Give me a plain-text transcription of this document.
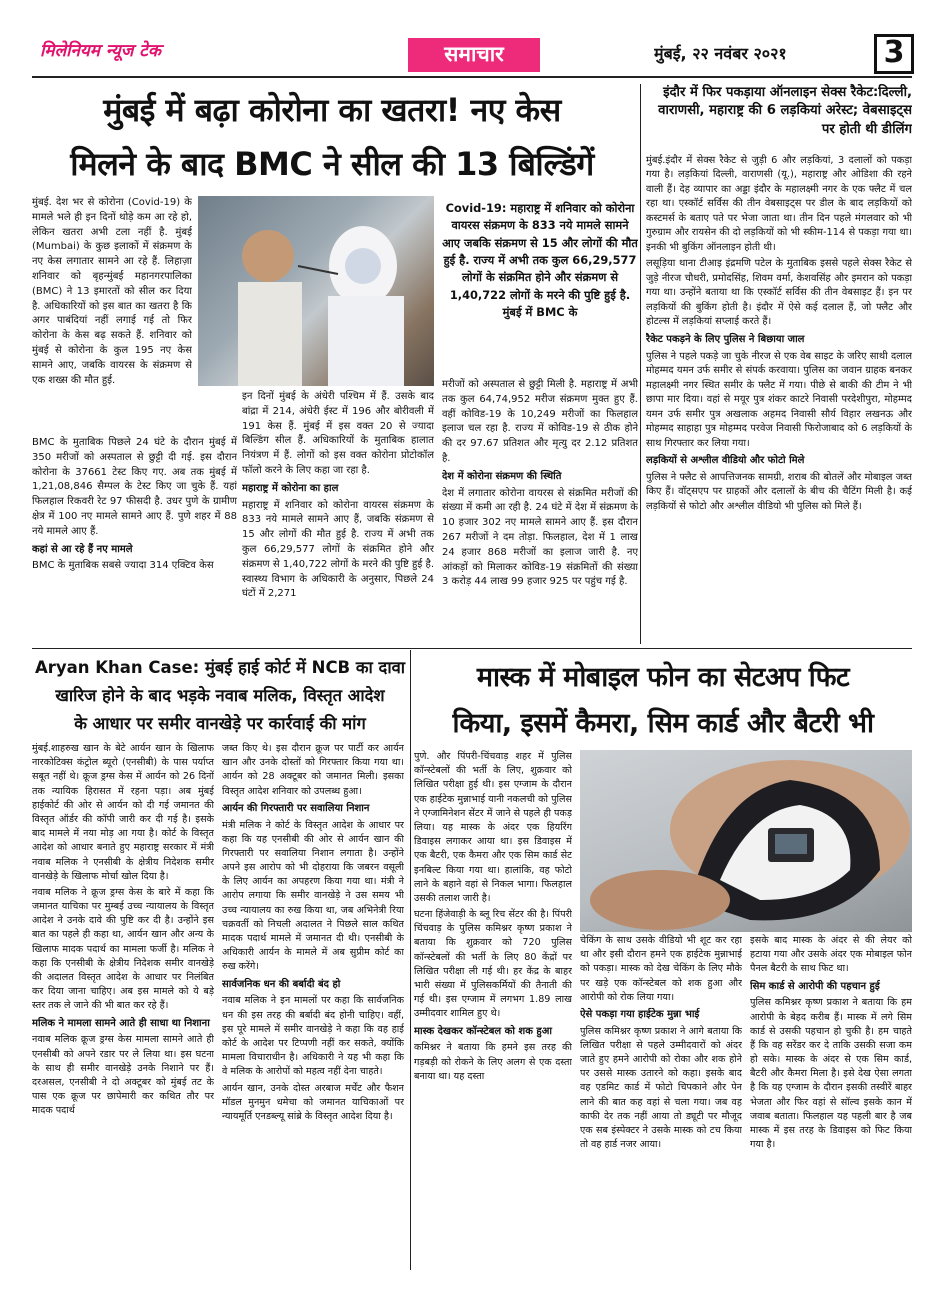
मिलेनियम न्यूज टेक	समाचार	मुंबई, २२ नवंबर २०२१	3
मुंबई में बढ़ा कोरोना का खतरा! नए केस
मिलने के बाद BMC ने सील की 13 बिल्डिंगें

मुंबई. देश भर से कोरोना (Covid-19) के मामले भले ही इन दिनों थोड़े कम आ रहे हो, लेकिन खतरा अभी टला नहीं है. मुंबई (Mumbai) के कुछ इलाकों में संक्रमण के नए केस लगातार सामने आ रहे हैं. लिहाज़ा शनिवार को बृहन्मुंबई महानगरपालिका (BMC) ने 13 इमारतों को सील कर दिया है. अधिकारियों को इस बात का खतरा है कि अगर पाबंदियां नहीं लगाई गई तो फिर कोरोना के केस बढ़ सकते हैं. शनिवार को मुंबई से कोरोना के कुल 195 नए केस सामने आए, जबकि वायरस के संक्रमण से एक शख्स की मौत हुई.

BMC के मुताबिक पिछले 24 घंटे के दौरान मुंबई में 350 मरीजों को अस्पताल से छुट्टी दी गई. इस दौरान कोरोना के 37661 टेस्ट किए गए. अब तक मुंबई में 1,21,08,846 सैम्पल के टेस्ट किए जा चुके हैं. यहां फिलहाल रिकवरी रेट 97 फीसदी है. उधर पुणे के ग्रामीण क्षेत्र में 100 नए मामले सामने आए हैं. पुणे शहर में 88 नये मामले आए हैं.

कहां से आ रहे हैं नए मामले

BMC के मुताबिक सबसे ज्यादा 314 एक्टिव केस

इन दिनों मुंबई के अंधेरी पश्चिम में हैं. उसके बाद बांद्रा में 214, अंधेरी ईस्ट में 196 और बोरीवली में 191 केस हैं. मुंबई में इस वक्त 20 से ज्यादा बिल्डिंग सील हैं. अधिकारियों के मुताबिक हालात नियंत्रण में हैं. लोगों को इस वक्त कोरोना प्रोटोकॉल फॉलो करने के लिए कहा जा रहा है.

महाराष्ट्र में कोरोना का हाल

महाराष्ट्र में शनिवार को कोरोना वायरस संक्रमण के 833 नये मामले सामने आए हैं, जबकि संक्रमण से 15 और लोगों की मौत हुई है. राज्य में अभी तक कुल 66,29,577 लोगों के संक्रमित होने और संक्रमण से 1,40,722 लोगों के मरने की पुष्टि हुई है. स्वास्थ्य विभाग के अधिकारी के अनुसार, पिछले 24 घंटों में 2,271

Covid-19: महाराष्ट्र में शनिवार को कोरोना वायरस संक्रमण के 833 नये मामले सामने आए जबकि संक्रमण से 15 और लोगों की मौत हुई है. राज्य में अभी तक कुल 66,29,577 लोगों के संक्रमित होने और संक्रमण से 1,40,722 लोगों के मरने की पुष्टि हुई है. मुंबई में BMC के

मरीजों को अस्पताल से छुट्टी मिली है. महाराष्ट्र में अभी तक कुल 64,74,952 मरीज संक्रमण मुक्त हुए हैं. वहीं कोविड-19 के 10,249 मरीजों का फिलहाल इलाज चल रहा है. राज्य में कोविड-19 से ठीक होने की दर 97.67 प्रतिशत और मृत्यु दर 2.12 प्रतिशत है.

देश में कोरोना संक्रमण की स्थिति

देश में लगातार कोरोना वायरस से संक्रमित मरीजों की संख्या में कमी आ रही है. 24 घंटे में देश में संक्रमण के 10 हजार 302 नए मामले सामने आए हैं. इस दौरान 267 मरीजों ने दम तोड़ा. फिलहाल, देश में 1 लाख 24 हजार 868 मरीजों का इलाज जारी है. नए आंकड़ों को मिलाकर कोविड-19 संक्रमितों की संख्या 3 करोड़ 44 लाख 99 हजार 925 पर पहुंच गई है.

इंदौर में फिर पकड़ाया ऑनलाइन सेक्स रैकेट:दिल्ली, वाराणसी, महाराष्ट्र की 6 लड़कियां अरेस्ट; वेबसाइट्स पर होती थी डीलिंग

मुंबई.इंदौर में सेक्स रैकेट से जुड़ी 6 और लड़कियां, 3 दलालों को पकड़ा गया है। लड़कियां दिल्ली, वाराणसी (यू.), महाराष्ट्र और ओडिशा की रहने वाली हैं। देह व्यापार का अड्डा इंदौर के महालक्ष्मी नगर के एक फ्लैट में चल रहा था। एस्कॉर्ट सर्विस की तीन वेबसाइट्स पर डील के बाद लड़कियों को कस्टमर्स के बताए पते पर भेजा जाता था। तीन दिन पहले मंगलवार को भी गुरुग्राम और रायसेन की दो लड़कियों को भी स्कीम-114 से पकड़ा गया था। इनकी भी बुकिंग ऑनलाइन होती थी।

लसूड़िया थाना टीआइ इंद्रमणि पटेल के मुताबिक इससे पहले सेक्स रैकेट से जुड़े नीरज चौधरी, प्रमोदसिंह, शिवम वर्मा, केशवसिंह और इमरान को पकड़ा गया था। उन्होंने बताया था कि एस्कॉर्ट सर्विस की तीन वेबसाइट हैं। इन पर लड़कियों की बुकिंग होती है। इंदौर में ऐसे कई दलाल हैं, जो फ्लैट और होटल्स में लड़कियां सप्लाई करते हैं।

रैकेट पकड़ने के लिए पुलिस ने बिछाया जाल

पुलिस ने पहले पकड़े जा चुके नीरज से एक वेब साइट के जरिए साथी दलाल मोहम्मद यमन उर्फ समीर से संपर्क करवाया। पुलिस का जवान ग्राहक बनकर महालक्ष्मी नगर स्थित समीर के फ्लैट में गया। पीछे से बाकी की टीम ने भी छापा मार दिया। वहां से मयूर पुत्र शंकर काटरे निवासी परदेशीपुरा, मोहम्मद यमन उर्फ समीर पुत्र अखलाक अहमद निवासी सौर्य विहार लखनऊ और मोहम्मद साहाहा पुत्र मोहम्मद परवेज निवासी फिरोजाबाद को 6 लड़कियों के साथ गिरफ्तार कर लिया गया।

लड़कियों से अश्लील वीडियो और फोटो मिले

पुलिस ने फ्लैट से आपत्तिजनक सामग्री, शराब की बोतलें और मोबाइल जब्त किए हैं। वॉट्सएप पर ग्राहकों और दलालों के बीच की चैटिंग मिली है। कई लड़कियों से फोटो और अश्लील वीडियो भी पुलिस को मिले हैं।

Aryan Khan Case: मुंबई हाई कोर्ट में NCB का दावा
खारिज होने के बाद भड़के नवाब मलिक, विस्तृत आदेश
के आधार पर समीर वानखेड़े पर कार्रवाई की मांग

मुंबई.शाहरुख खान के बेटे आर्यन खान के खिलाफ नारकोटिक्स कंट्रोल ब्यूरो (एनसीबी) के पास पर्याप्त सबूत नहीं थे। क्रूज ड्रग्स केस में आर्यन को 26 दिनों तक न्यायिक हिरासत में रहना पड़ा। अब मुंबई हाईकोर्ट की ओर से आर्यन को दी गई जमानत की विस्तृत ऑर्डर की कॉपी जारी कर दी गई है। इसके बाद मामले में नया मोड़ आ गया है। कोर्ट के विस्तृत आदेश को आधार बनाते हुए महाराष्ट्र सरकार में मंत्री नवाब मलिक ने एनसीबी के क्षेत्रीय निदेशक समीर वानखेड़े के खिलाफ मोर्चा खोल दिया है।

नवाब मलिक ने क्रूज ड्रग्स केस के बारे में कहा कि जमानत याचिका पर मुम्बई उच्च न्यायालय के विस्तृत आदेश ने उनके दावे की पुष्टि कर दी है। उन्होंने इस बात का पहले ही कहा था, आर्यन खान और अन्य के खिलाफ मादक पदार्थ का मामला फर्जी है। मलिक ने कहा कि एनसीबी के क्षेत्रीय निदेशक समीर वानखेड़े की अदालत विस्तृत आदेश के आधार पर निलंबित कर दिया जाना चाहिए। अब इस मामले को ये बड़े स्तर तक ले जाने की भी बात कर रहे हैं।

मलिक ने मामला सामने आते ही साधा था निशाना

नवाब मलिक क्रूज ड्रग्स केस मामला सामने आते ही एनसीबी को अपने रडार पर ले लिया था। इस घटना के साथ ही समीर वानखेड़े उनके निशाने पर हैं। दरअसल, एनसीबी ने दो अक्टूबर को मुंबई तट के पास एक क्रूज पर छापेमारी कर कथित तौर पर मादक पदार्थ

जब्त किए थे। इस दौरान क्रूज पर पार्टी कर आर्यन खान और उनके दोस्तों को गिरफ्तार किया गया था। आर्यन को 28 अक्टूबर को जमानत मिली। इसका विस्तृत आदेश शनिवार को उपलब्ध हुआ।

आर्यन की गिरफ्तारी पर सवालिया निशान

मंत्री मलिक ने कोर्ट के विस्तृत आदेश के आधार पर कहा कि यह एनसीबी की ओर से आर्यन खान की गिरफ्तारी पर सवालिया निशान लगाता है। उन्होंने अपने इस आरोप को भी दोहराया कि जबरन वसूली के लिए आर्यन का अपहरण किया गया था। मंत्री ने आरोप लगाया कि समीर वानखेड़े ने उस समय भी उच्च न्यायालय का रुख किया था, जब अभिनेत्री रिया चक्रवर्ती को निचली अदालत ने पिछले साल कथित मादक पदार्थ मामले में जमानत दी थी। एनसीबी के अधिकारी आर्यन के मामले में अब सुप्रीम कोर्ट का रुख करेंगे।

सार्वजनिक धन की बर्बादी बंद हो

नवाब मलिक ने इन मामलों पर कहा कि सार्वजनिक धन की इस तरह की बर्बादी बंद होनी चाहिए। वहीं, इस पूरे मामले में समीर वानखेड़े ने कहा कि वह हाई कोर्ट के आदेश पर टिप्पणी नहीं कर सकते, क्योंकि मामला विचाराधीन है। अधिकारी ने यह भी कहा कि वे मलिक के आरोपों को महत्व नहीं देना चाहते।

आर्यन खान, उनके दोस्त अरबाज मर्चेंट और फैशन मॉडल मुनमुन धमेचा को जमानत याचिकाओं पर न्यायमूर्ति एनडब्ल्यू सांब्रे के विस्तृत आदेश दिया है।

मास्क में मोबाइल फोन का सेटअप फिट
किया, इसमें कैमरा, सिम कार्ड और बैटरी भी

पुणे. और पिंपरी-चिंचवाड़ शहर में पुलिस कॉन्स्टेबलों की भर्ती के लिए, शुक्रवार को लिखित परीक्षा हुई थी। इस एग्जाम के दौरान एक हाईटेक मुन्नाभाई यानी नकलची को पुलिस ने एग्जामिनेशन सेंटर में जाने से पहले ही पकड़ लिया। यह मास्क के अंदर एक हियरिंग डिवाइस लगाकर आया था। इस डिवाइस में एक बैटरी, एक कैमरा और एक सिम कार्ड सेट इनबिल्ट किया गया था। हालांकि, वह फोटो लाने के बहाने वहां से निकल भागा। फिलहाल उसकी तलाश जारी है।

घटना हिंजेवाड़ी के ब्लू रिच सेंटर की है। पिंपरी चिंचवाड़ के पुलिस कमिश्नर कृष्ण प्रकाश ने बताया कि शुक्रवार को 720 पुलिस कॉन्स्टेबलों की भर्ती के लिए 80 केंद्रों पर लिखित परीक्षा ली गई थी। हर केंद्र के बाहर भारी संख्या में पुलिसकर्मियों की तैनाती की गई थी। इस एग्जाम में लगभग 1.89 लाख उम्मीदवार शामिल हुए थे।

मास्क देखकर कॉन्स्टेबल को शक हुआ

कमिश्नर ने बताया कि हमने इस तरह की गड़बड़ी को रोकने के लिए अलग से एक दस्ता बनाया था। यह दस्ता

चेकिंग के साथ उसके वीडियो भी शूट कर रहा था और इसी दौरान हमने एक हाईटेक मुन्नाभाई को पकड़ा। मास्क को देख चेकिंग के लिए मौके पर खड़े एक कॉन्स्टेबल को शक हुआ और आरोपी को रोक लिया गया।

ऐसे पकड़ा गया हाईटेक मुन्ना भाई

पुलिस कमिश्नर कृष्ण प्रकाश ने आगे बताया कि लिखित परीक्षा से पहले उम्मीदवारों को अंदर जाते हुए हमने आरोपी को रोका और शक होने पर उससे मास्क उतारने को कहा। इसके बाद वह एडमिट कार्ड में फोटो चिपकाने और पेन लाने की बात कह वहां से चला गया। जब वह काफी देर तक नहीं आया तो ड्यूटी पर मौजूद एक सब इंस्पेक्टर ने उसके मास्क को टच किया तो वह हार्ड नजर आया।

इसके बाद मास्क के अंदर से की लेयर को हटाया गया और उसके अंदर एक मोबाइल फोन पैनल बैटरी के साथ फिट था।

सिम कार्ड से आरोपी की पहचान हुई

पुलिस कमिश्नर कृष्ण प्रकाश ने बताया कि हम आरोपी के बेहद करीब हैं। मास्क में लगे सिम कार्ड से उसकी पहचान हो चुकी है। हम चाहते हैं कि वह सरेंडर कर दे ताकि उसकी सजा कम हो सके। मास्क के अंदर से एक सिम कार्ड, बैटरी और कैमरा मिला है। इसे देख ऐसा लगता है कि यह एग्जाम के दौरान इसकी तस्वीरें बाहर भेजता और फिर वहां से सॉल्व इसके कान में जवाब बताता। फिलहाल यह पहली बार है जब मास्क में इस तरह के डिवाइस को फिट किया गया है।
